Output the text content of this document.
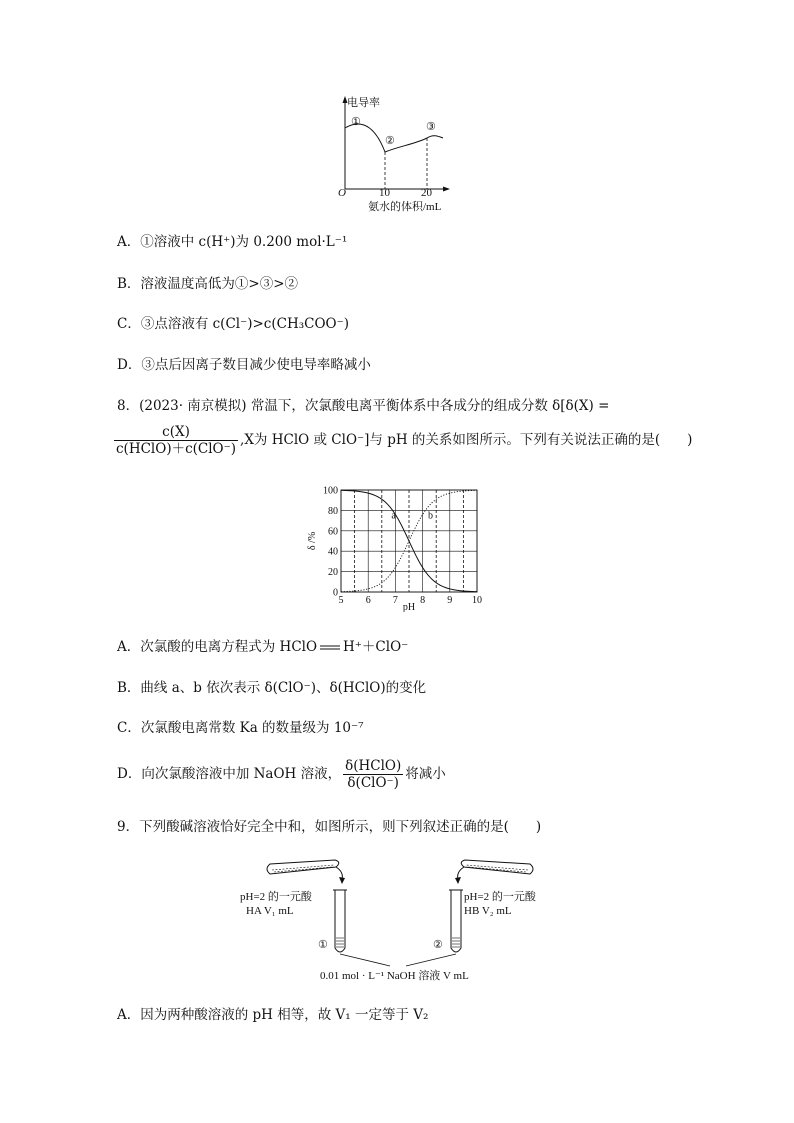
电导率
①
②
③
O	10	20
氨水的体积/mL
A．①溶液中 c(H⁺)为 0.200 mol·L⁻¹
B．溶液温度高低为①>③>②
C．③点溶液有 c(Cl⁻)>c(CH₃COO⁻)
D．③点后因离子数目减少使电导率略减小
8．(2023· 南京模拟) 常温下，次氯酸电离平衡体系中各成分的组成分数 δ[δ(X) =
$\frac{c(X)}{\text{c(HClO)＋c(ClO⁻)}} ,X$为 HClO 或 ClO⁻]与 pH 的关系如图所示。下列有关说法正确的是(　　)
a	b
0
20
40
60
80
100
5 6 7 8 9 10
pH
δ /%
A．次氯酸的电离方程式为 HClO H⁺＋ClO⁻
B．曲线 a、b 依次表示 δ(ClO⁻)、δ(HClO)的变化
C．次氯酸电离常数 Ka 的数量级为 10⁻⁷
D．向次氯酸溶液中加 NaOH 溶液， $\frac{\text{δ(HClO)}}{\text{δ(ClO⁻)}}$ 将减小
9．下列酸碱溶液恰好完全中和，如图所示，则下列叙述正确的是(　　)
pH=2 的一元酸
HA V₁ mL
pH=2 的一元酸
HB V₂ mL
①	②
0.01 mol · L⁻¹ NaOH 溶液 V mL
A．因为两种酸溶液的 pH 相等，故 V₁ 一定等于 V₂
